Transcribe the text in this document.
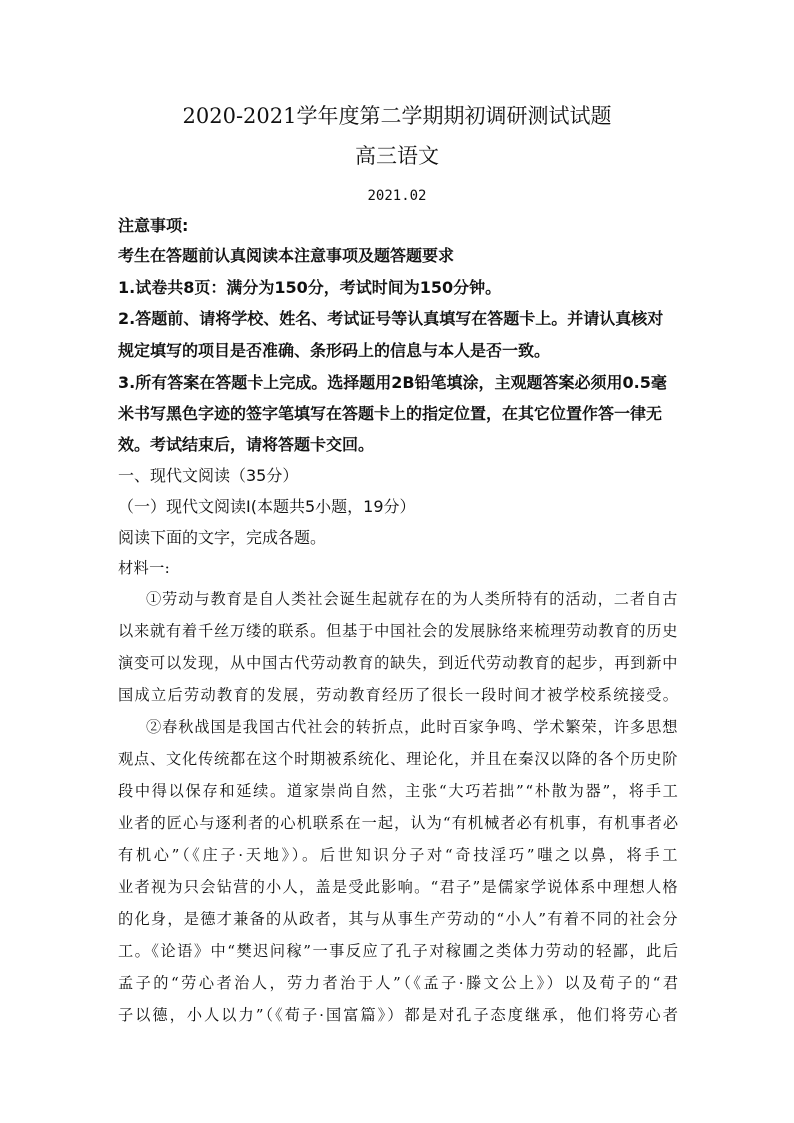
2020-2021学年度第二学期期初调研测试试题
高三语文
2021.02
注意事项:
考生在答题前认真阅读本注意事项及题答题要求
1.试卷共8页：满分为150分，考试时间为150分钟。
2.答题前、请将学校、姓名、考试证号等认真填写在答题卡上。并请认真核对
规定填写的项目是否准确、条形码上的信息与本人是否一致。
3.所有答案在答题卡上完成。选择题用2B铅笔填涂，主观题答案必须用0.5毫
米书写黑色字迹的签字笔填写在答题卡上的指定位置，在其它位置作答一律无
效。考试结束后，请将答题卡交回。
一、现代文阅读（35分）
（一）现代文阅读Ⅰ(本题共5小题，19分）
阅读下面的文字，完成各题。
材料一:
①劳动与教育是自人类社会诞生起就存在的为人类所特有的活动，二者自古
以来就有着千丝万缕的联系。但基于中国社会的发展脉络来梳理劳动教育的历史
演变可以发现，从中国古代劳动教育的缺失，到近代劳动教育的起步，再到新中
国成立后劳动教育的发展，劳动教育经历了很长一段时间才被学校系统接受。
②春秋战国是我国古代社会的转折点，此时百家争鸣、学术繁荣，许多思想
观点、文化传统都在这个时期被系统化、理论化，并且在秦汉以降的各个历史阶
段中得以保存和延续。道家崇尚自然，主张“大巧若拙”“朴散为器”，将手工
业者的匠心与逐利者的心机联系在一起，认为“有机械者必有机事，有机事者必
有机心”（《庄子·天地》）。后世知识分子对“奇技淫巧”嗤之以鼻，将手工
业者视为只会钻营的小人，盖是受此影响。“君子”是儒家学说体系中理想人格
的化身，是德才兼备的从政者，其与从事生产劳动的“小人”有着不同的社会分
工。《论语》中“樊迟问稼”一事反应了孔子对稼圃之类体力劳动的轻鄙，此后
孟子的“劳心者治人，劳力者治于人”（《孟子·滕文公上》）以及荀子的“君
子以德，小人以力”（《荀子·国富篇》）都是对孔子态度继承，他们将劳心者
